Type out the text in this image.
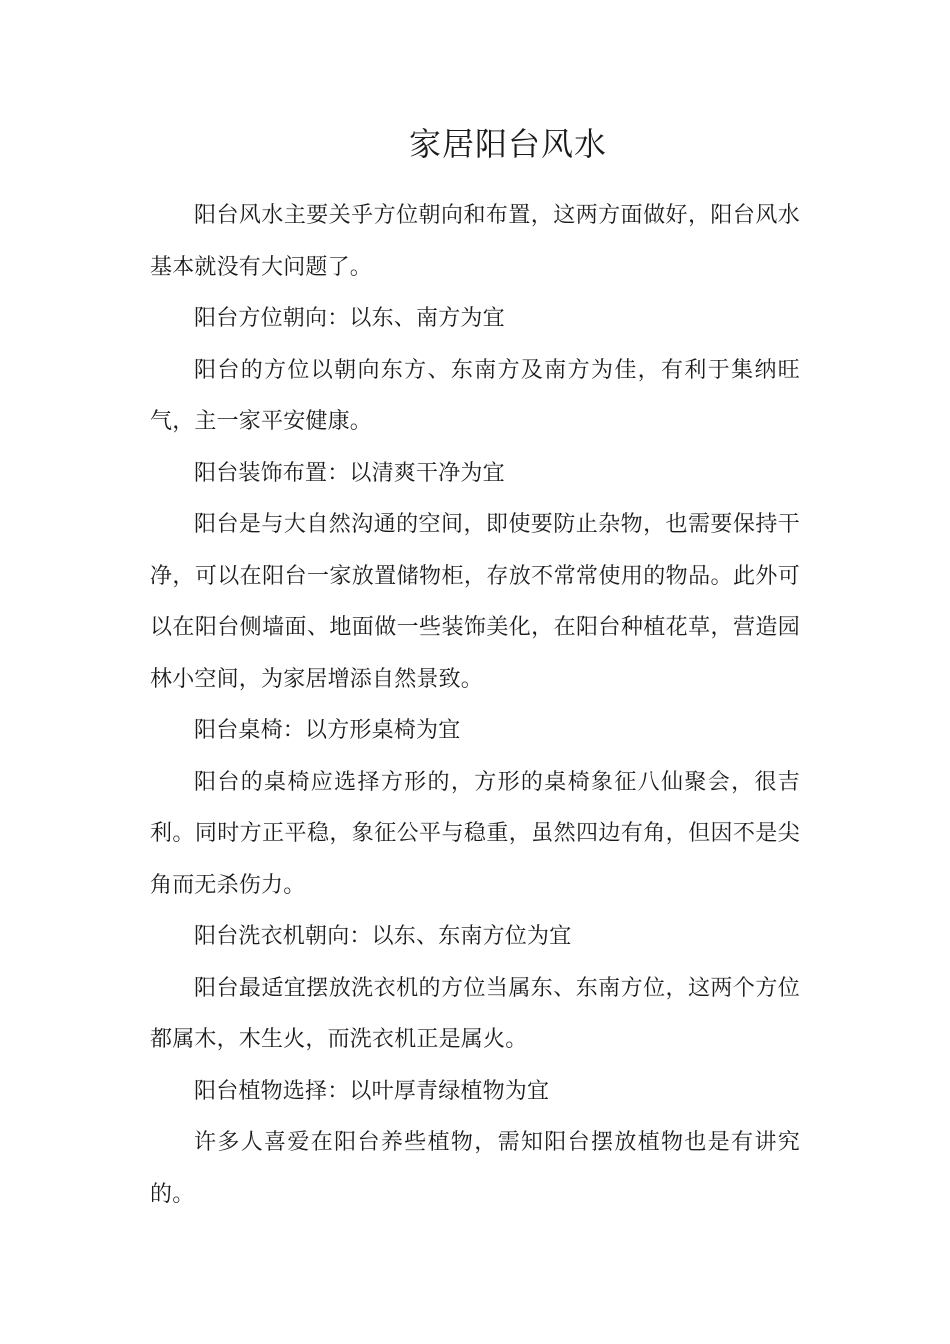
家居阳台风水

阳台风水主要关乎方位朝向和布置，这两方面做好，阳台风水基本就没有大问题了。

阳台方位朝向：以东、南方为宜

阳台的方位以朝向东方、东南方及南方为佳，有利于集纳旺气，主一家平安健康。

阳台装饰布置：以清爽干净为宜

阳台是与大自然沟通的空间，即使要防止杂物，也需要保持干净，可以在阳台一家放置储物柜，存放不常常使用的物品。此外可以在阳台侧墙面、地面做一些装饰美化，在阳台种植花草，营造园林小空间，为家居增添自然景致。

阳台桌椅：以方形桌椅为宜

阳台的桌椅应选择方形的，方形的桌椅象征八仙聚会，很吉利。同时方正平稳，象征公平与稳重，虽然四边有角，但因不是尖角而无杀伤力。

阳台洗衣机朝向：以东、东南方位为宜

阳台最适宜摆放洗衣机的方位当属东、东南方位，这两个方位都属木，木生火，而洗衣机正是属火。

阳台植物选择：以叶厚青绿植物为宜

许多人喜爱在阳台养些植物，需知阳台摆放植物也是有讲究的。
